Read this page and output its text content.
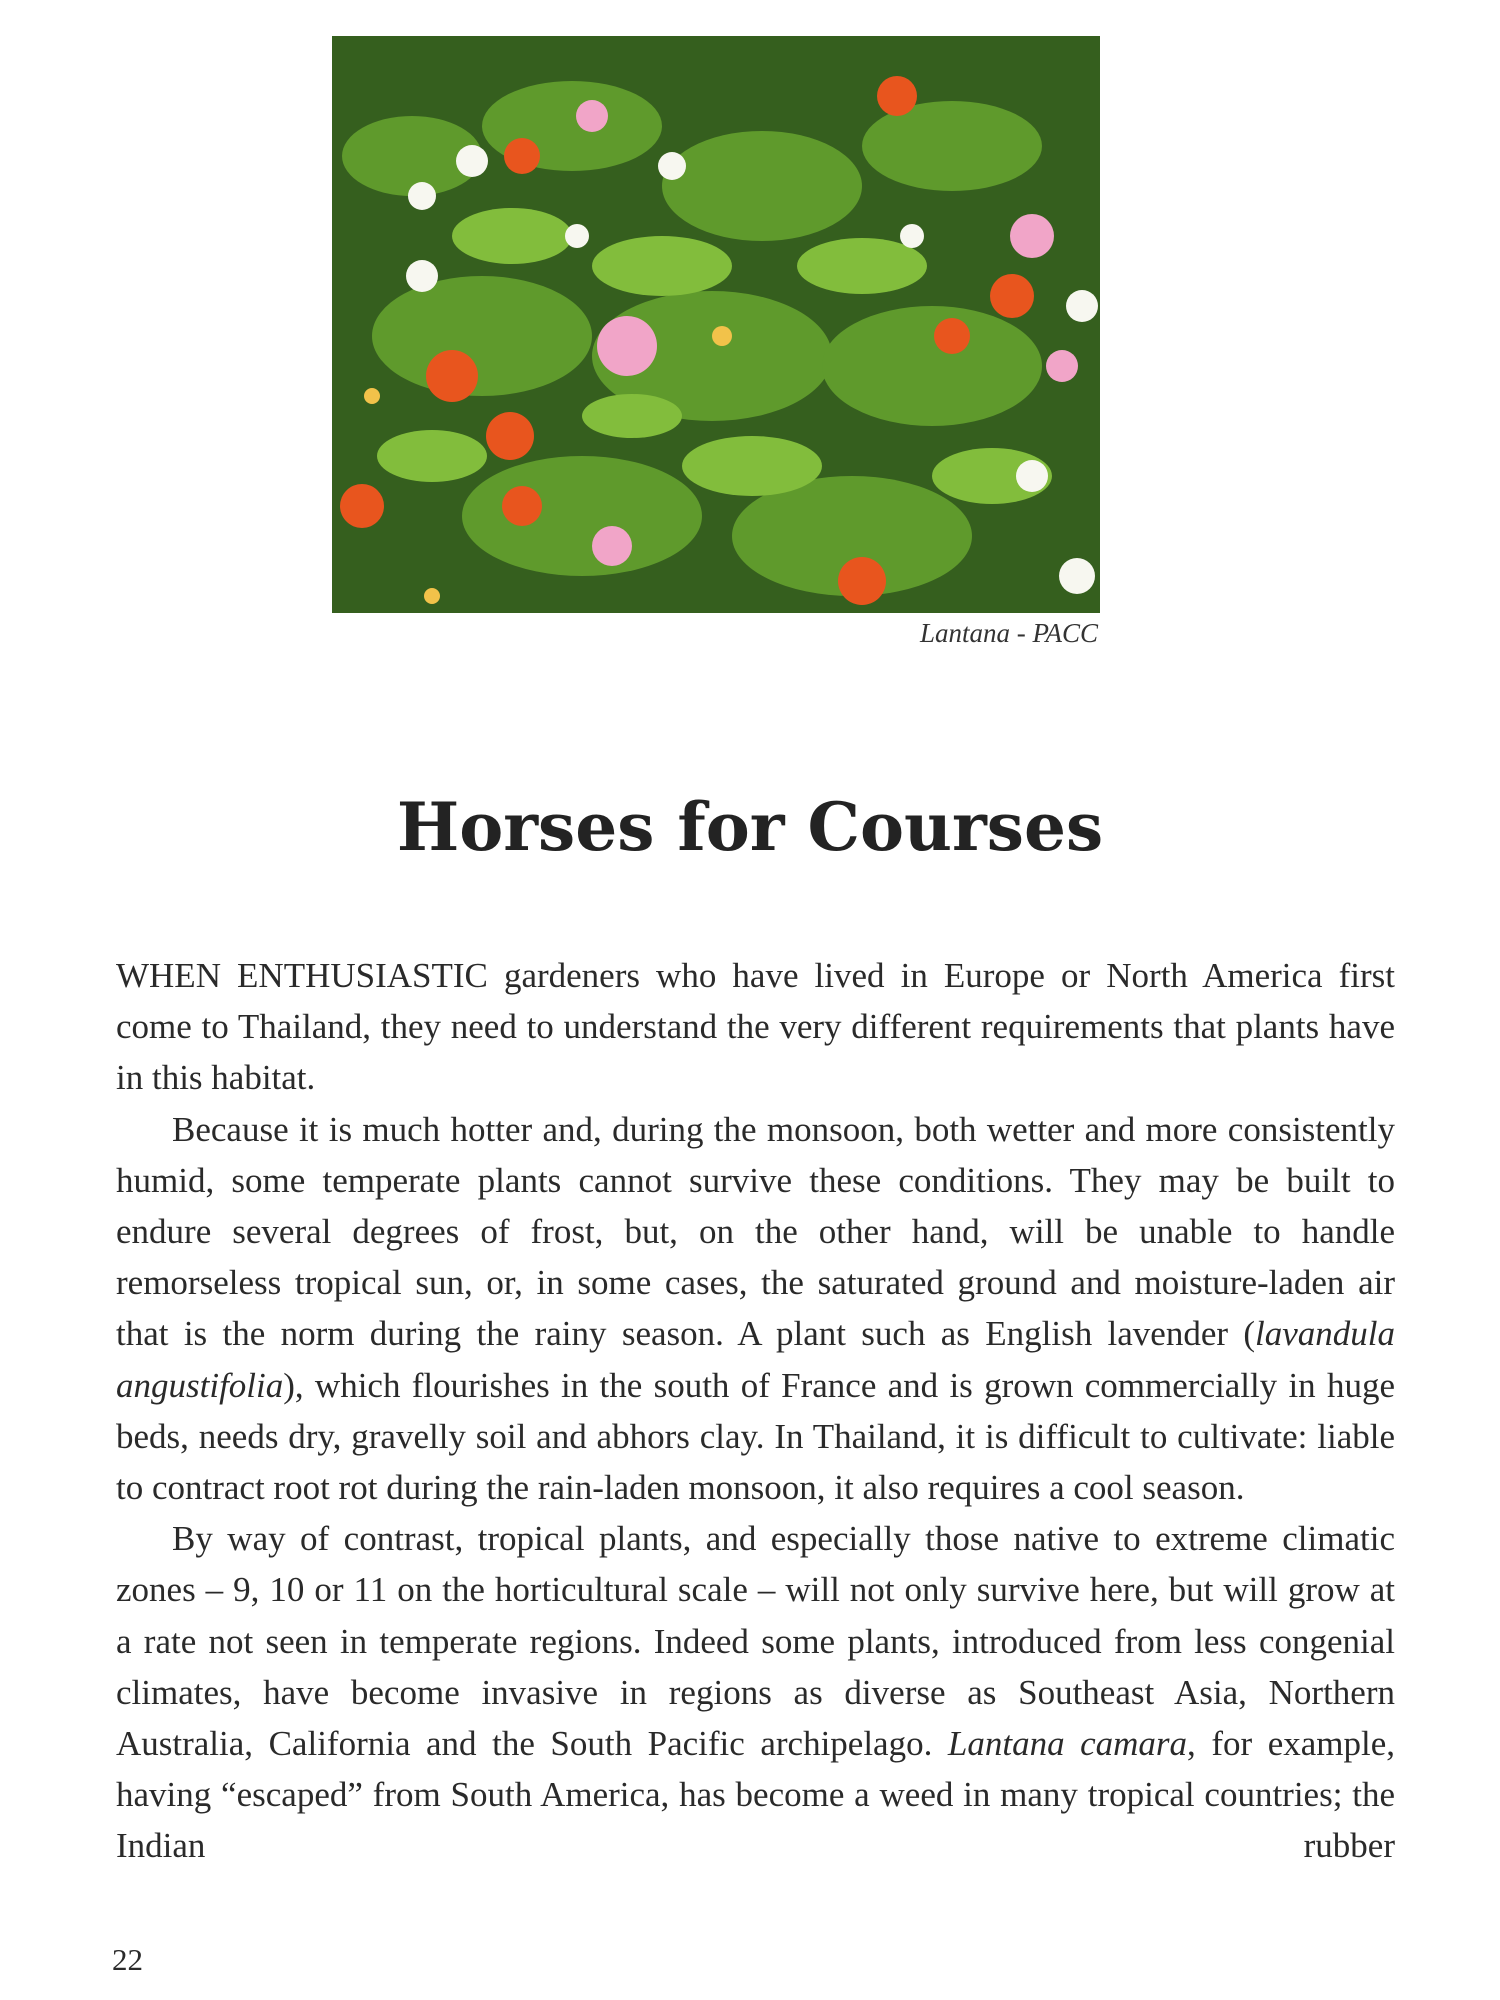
Lantana - PACC
Horses for Courses

WHEN ENTHUSIASTIC gardeners who have lived in Europe or North America first come to Thailand, they need to understand the very different requirements that plants have in this habitat.

Because it is much hotter and, during the monsoon, both wetter and more consistently humid, some temperate plants cannot survive these conditions. They may be built to endure several degrees of frost, but, on the other hand, will be unable to handle remorseless tropical sun, or, in some cases, the saturated ground and moisture-laden air that is the norm during the rainy season. A plant such as English lavender (lavandula angustifolia), which flourishes in the south of France and is grown commercially in huge beds, needs dry, gravelly soil and abhors clay. In Thailand, it is difficult to cultivate: liable to contract root rot during the rain-laden monsoon, it also requires a cool season.

By way of contrast, tropical plants, and especially those native to extreme climatic zones – 9, 10 or 11 on the horticultural scale – will not only survive here, but will grow at a rate not seen in temperate regions. Indeed some plants, introduced from less congenial climates, have become invasive in regions as diverse as Southeast Asia, Northern Australia, California and the South Pacific archipelago. Lantana camara, for example, having “escaped” from South America, has become a weed in many tropical countries; the Indian rubber

22
